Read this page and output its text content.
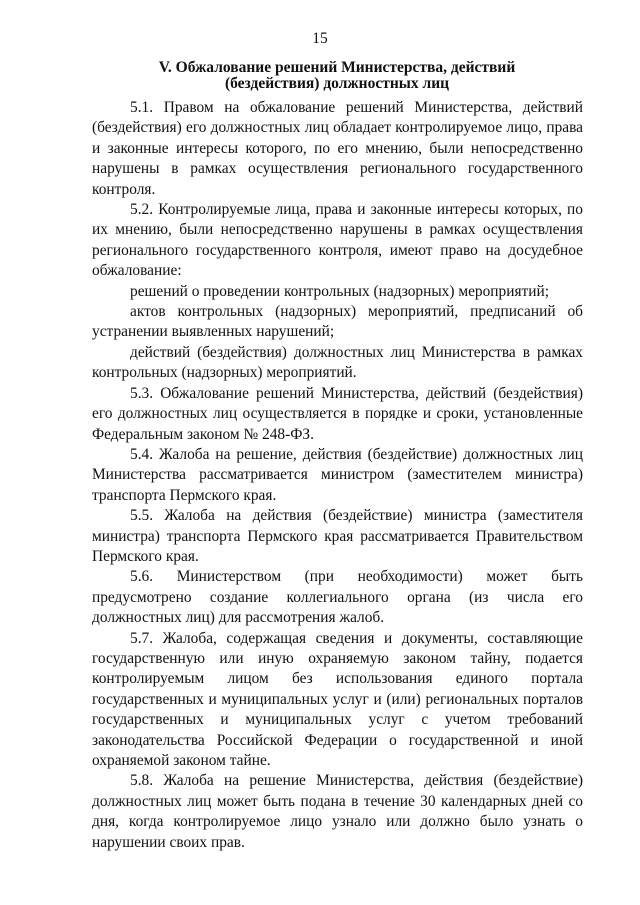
15
V. Обжалование решений Министерства, действий
(бездействия) должностных лиц

5.1. Правом на обжалование решений Министерства, действий (бездействия) его должностных лиц обладает контролируемое лицо, права и законные интересы которого, по его мнению, были непосредственно нарушены в рамках осуществления регионального государственного контроля.

5.2. Контролируемые лица, права и законные интересы которых, по их мнению, были непосредственно нарушены в рамках осуществления регионального государственного контроля, имеют право на досудебное обжалование:

решений о проведении контрольных (надзорных) мероприятий;

актов контрольных (надзорных) мероприятий, предписаний об устранении выявленных нарушений;

действий (бездействия) должностных лиц Министерства в рамках контрольных (надзорных) мероприятий.

5.3. Обжалование решений Министерства, действий (бездействия) его должностных лиц осуществляется в порядке и сроки, установленные Федеральным законом № 248-ФЗ.

5.4. Жалоба на решение, действия (бездействие) должностных лиц Министерства рассматривается министром (заместителем министра) транспорта Пермского края.

5.5. Жалоба на действия (бездействие) министра (заместителя министра) транспорта Пермского края рассматривается Правительством Пермского края.

5.6. Министерством (при необходимости) может быть предусмотрено создание коллегиального органа (из числа его должностных лиц) для рассмотрения жалоб.

5.7. Жалоба, содержащая сведения и документы, составляющие государственную или иную охраняемую законом тайну, подается контролируемым лицом без использования единого портала государственных и муниципальных услуг и (или) региональных порталов государственных и муниципальных услуг с учетом требований законодательства Российской Федерации о государственной и иной охраняемой законом тайне.

5.8. Жалоба на решение Министерства, действия (бездействие) должностных лиц может быть подана в течение 30 календарных дней со дня, когда контролируемое лицо узнало или должно было узнать о нарушении своих прав.
